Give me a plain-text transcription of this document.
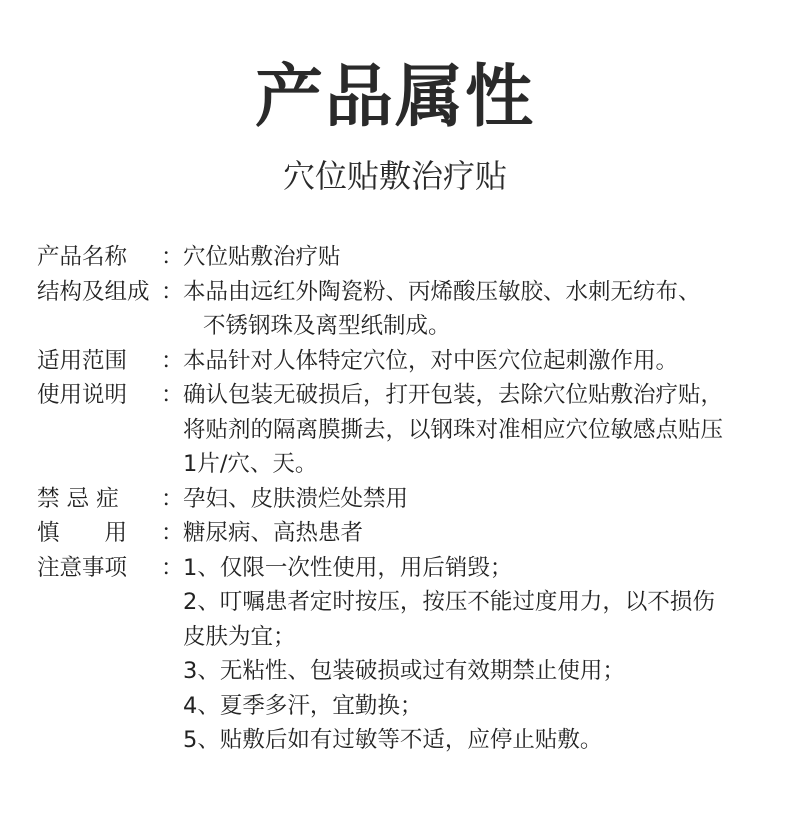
产品属性
穴位贴敷治疗贴
产品名称	： 穴位贴敷治疗贴
结构及组成 ： 本品由远红外陶瓷粉、丙烯酸压敏胶、水刺无纺布、
不锈钢珠及离型纸制成。
适用范围	： 本品针对人体特定穴位，对中医穴位起刺激作用。
使用说明	： 确认包装无破损后，打开包装，去除穴位贴敷治疗贴，
将贴剂的隔离膜撕去，以钢珠对准相应穴位敏感点贴压
1片/穴、天。
禁 忌 症	： 孕妇、皮肤溃烂处禁用
慎　　用	： 糖尿病、高热患者
注意事项	： 1、仅限一次性使用，用后销毁；
2、叮嘱患者定时按压，按压不能过度用力，以不损伤
皮肤为宜；
3、无粘性、包装破损或过有效期禁止使用；
4、夏季多汗，宜勤换；
5、贴敷后如有过敏等不适，应停止贴敷。
